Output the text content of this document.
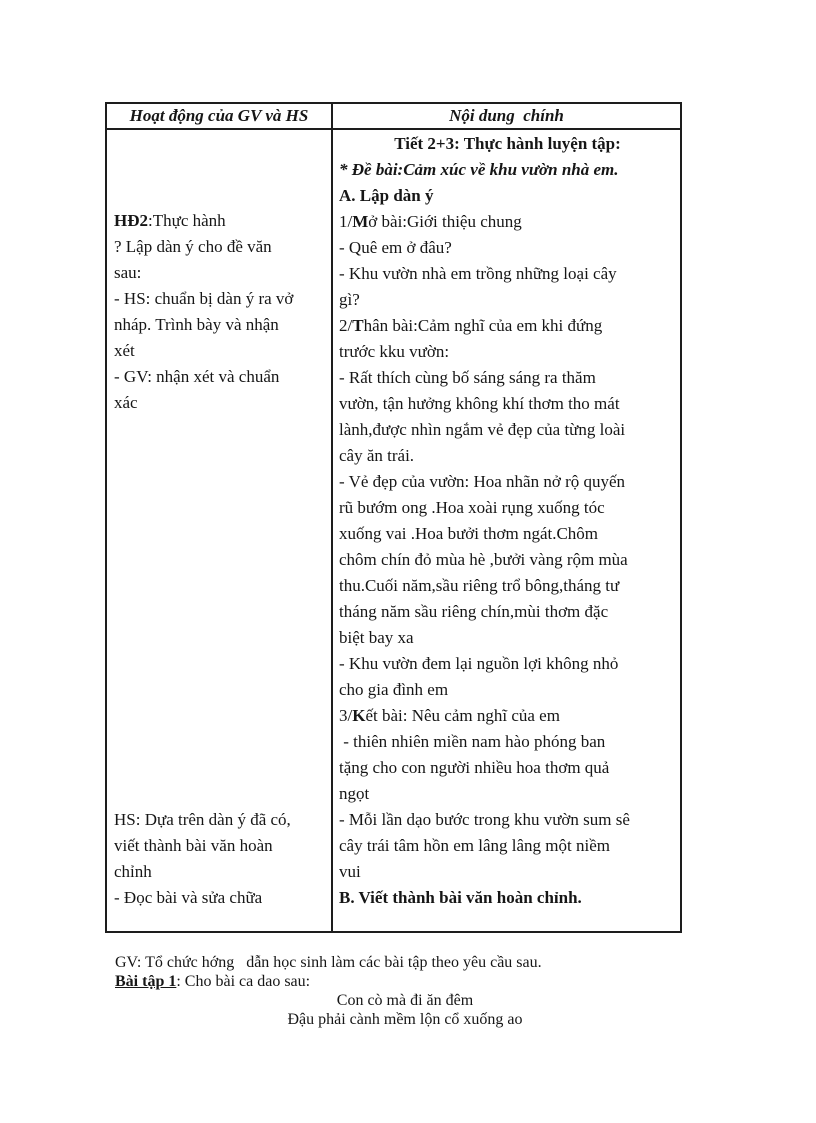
Hoạt động của GV và HS	Nội dung  chính
HĐ2:Thực hành
? Lập dàn ý cho đề văn
sau:
- HS: chuẩn bị dàn ý ra vở
nháp. Trình bày và nhận
xét
- GV: nhận xét và chuẩn
xác
HS: Dựa trên dàn ý đã có,
viết thành bài văn hoàn
chỉnh
- Đọc bài và sửa chữa
Tiết 2+3: Thực hành luyện tập:
* Đề bài:Cảm xúc về khu vườn nhà em.
A. Lập dàn ý
1/Mở bài:Giới thiệu chung
- Quê em ở đâu?
- Khu vườn nhà em trồng những loại cây
gì?
2/Thân bài:Cảm nghĩ của em khi đứng
trước kku vườn:
- Rất thích cùng bố sáng sáng ra thăm
vườn, tận hưởng không khí thơm tho mát
lành,được nhìn ngắm vẻ đẹp của từng loài
cây ăn trái.
- Vẻ đẹp của vườn: Hoa nhãn nở rộ quyến
rũ bướm ong .Hoa xoài rụng xuống tóc
xuống vai .Hoa bưởi thơm ngát.Chôm
chôm chín đỏ mùa hè ,bưởi vàng rộm mùa
thu.Cuối năm,sầu riêng trổ bông,tháng tư
tháng năm sầu riêng chín,mùi thơm đặc
biệt bay xa
- Khu vườn đem lại nguồn lợi không nhỏ
cho gia đình em
3/Kết bài: Nêu cảm nghĩ của em
- thiên nhiên miền nam hào phóng ban
tặng cho con người nhiều hoa thơm quả
ngọt
- Mỗi lần dạo bước trong khu vườn sum sê
cây trái tâm hồn em lâng lâng một niềm
vui
B. Viết thành bài văn hoàn chỉnh.
GV: Tổ chức hớng   dẫn học sinh làm các bài tập theo yêu cầu sau.
Bài tập 1: Cho bài ca dao sau:
Con cò mà đi ăn đêm
Đậu phải cành mềm lộn cổ xuống ao
